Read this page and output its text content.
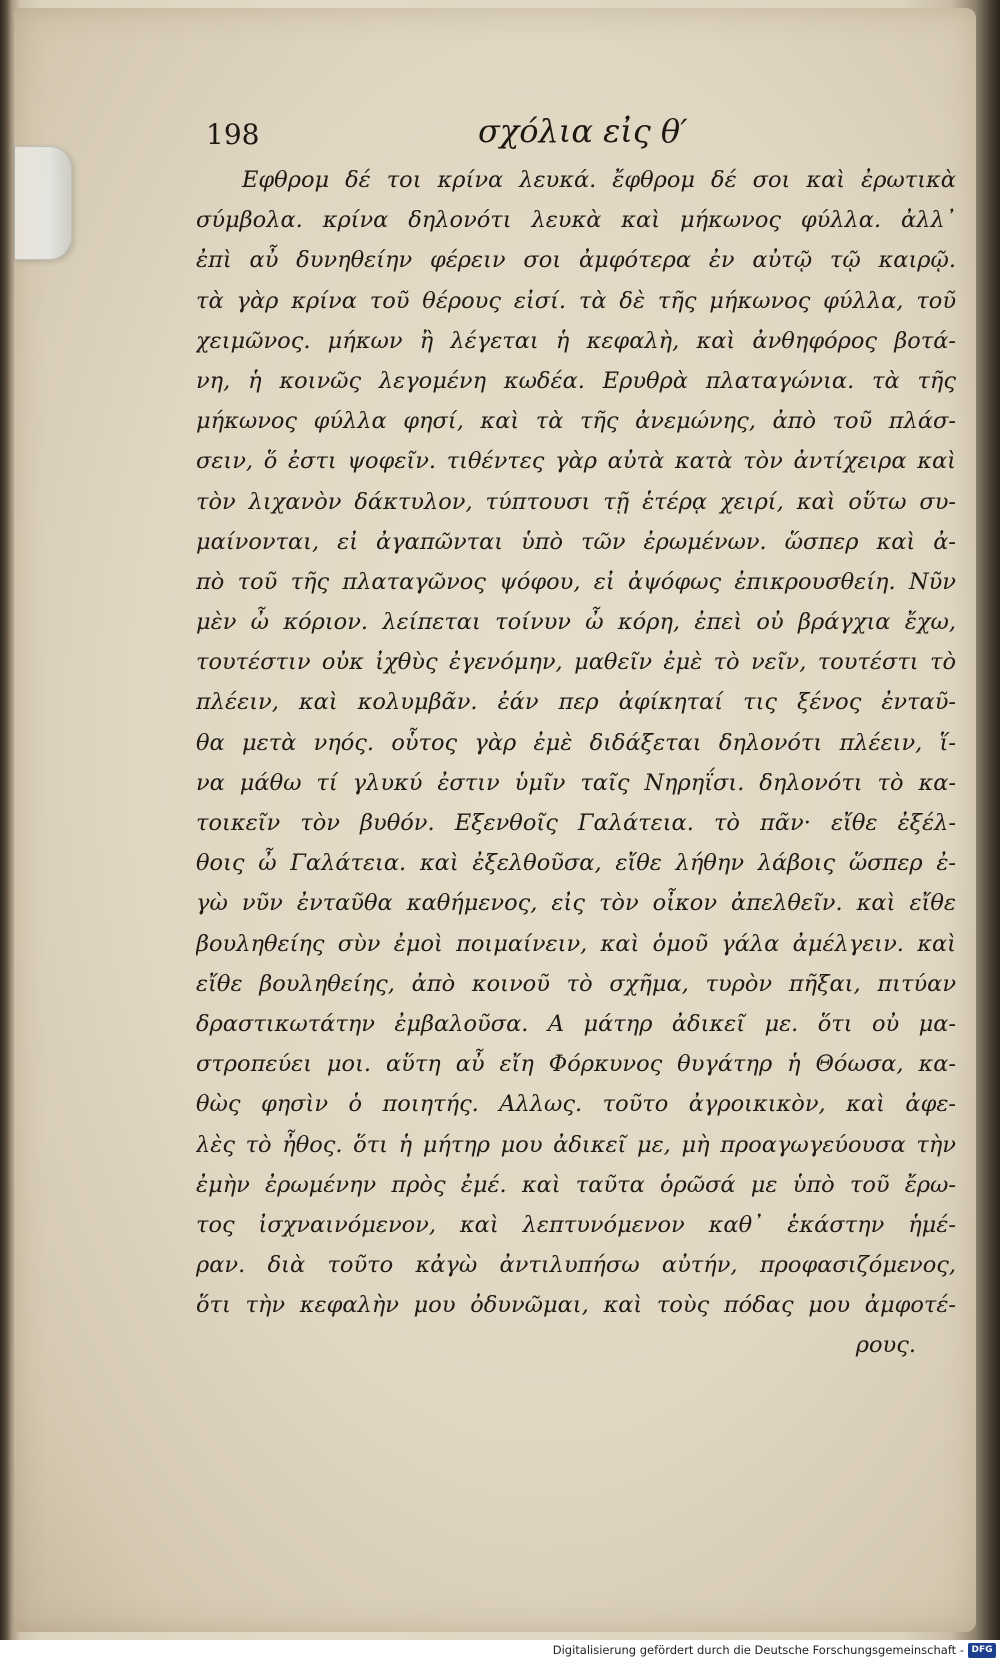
198	σχόλια εἰς θ′
Εφθρομ δέ τοι κρίνα λευκά. ἔφθρομ δέ σοι καὶ ἐρωτικὰ
σύμβολα. κρίνα δηλονότι λευκὰ καὶ μήκωνος φύλλα. ἀλλ᾽
ἐπὶ αὖ δυνηθείην φέρειν σοι ἀμφότερα ἐν αὐτῷ τῷ καιρῷ.
τὰ γὰρ κρίνα τοῦ θέρους εἰσί. τὰ δὲ τῆς μήκωνος φύλλα, τοῦ
χειμῶνος. μήκων ἢ λέγεται ἡ κεφαλὴ, καὶ ἀνθηφόρος βοτά-
νη, ἡ κοινῶς λεγομένη κωδέα. Ερυθρὰ πλαταγώνια. τὰ τῆς
μήκωνος φύλλα φησί, καὶ τὰ τῆς ἀνεμώνης, ἀπὸ τοῦ πλάσ-
σειν, ὅ ἐστι ψοφεῖν. τιθέντες γὰρ αὐτὰ κατὰ τὸν ἀντίχειρα καὶ
τὸν λιχανὸν δάκτυλον, τύπτουσι τῇ ἑτέρᾳ χειρί, καὶ οὕτω συ-
μαίνονται, εἰ ἀγαπῶνται ὑπὸ τῶν ἐρωμένων. ὥσπερ καὶ ἀ-
πὸ τοῦ τῆς πλαταγῶνος ψόφου, εἰ ἀψόφως ἐπικρουσθείη. Νῦν
μὲν ὦ κόριον. λείπεται τοίνυν ὦ κόρη, ἐπεὶ οὐ βράγχια ἔχω,
τουτέστιν οὐκ ἰχθὺς ἐγενόμην, μαθεῖν ἐμὲ τὸ νεῖν, τουτέστι τὸ
πλέειν, καὶ κολυμβᾶν. ἐάν περ ἀφίκηταί τις ξένος ἐνταῦ-
θα μετὰ νηός. οὗτος γὰρ ἐμὲ διδάξεται δηλονότι πλέειν, ἵ-
να μάθω τί γλυκύ ἐστιν ὑμῖν ταῖς Νηρηΐσι. δηλονότι τὸ κα-
τοικεῖν τὸν βυθόν. Εξενθοῖς Γαλάτεια. τὸ πᾶν· εἴθε ἐξέλ-
θοις ὦ Γαλάτεια. καὶ ἐξελθοῦσα, εἴθε λήθην λάβοις ὥσπερ ἐ-
γὼ νῦν ἐνταῦθα καθήμενος, εἰς τὸν οἶκον ἀπελθεῖν. καὶ εἴθε
βουληθείης σὺν ἐμοὶ ποιμαίνειν, καὶ ὁμοῦ γάλα ἀμέλγειν. καὶ
εἴθε βουληθείης, ἀπὸ κοινοῦ τὸ σχῆμα, τυρὸν πῆξαι, πιτύαν
δραστικωτάτην ἐμβαλοῦσα. Α μάτηρ ἀδικεῖ με. ὅτι οὐ μα-
στροπεύει μοι. αὕτη αὖ εἴη Φόρκυνος θυγάτηρ ἡ Θόωσα, κα-
θὼς φησὶν ὁ ποιητής. Αλλως. τοῦτο ἀγροικικὸν, καὶ ἀφε-
λὲς τὸ ἦθος. ὅτι ἡ μήτηρ μου ἀδικεῖ με, μὴ προαγωγεύουσα τὴν
ἐμὴν ἐρωμένην πρὸς ἐμέ. καὶ ταῦτα ὁρῶσά με ὑπὸ τοῦ ἔρω-
τος ἰσχναινόμενον, καὶ λεπτυνόμενον καθ᾽ ἑκάστην ἡμέ-
ραν. διὰ τοῦτο κἀγὼ ἀντιλυπήσω αὐτήν, προφασιζόμενος,
ὅτι τὴν κεφαλὴν μου ὀδυνῶμαι, καὶ τοὺς πόδας μου ἀμφοτέ-
ρους.
Digitalisierung gefördert durch die Deutsche Forschungsgemeinschaft - DFG
